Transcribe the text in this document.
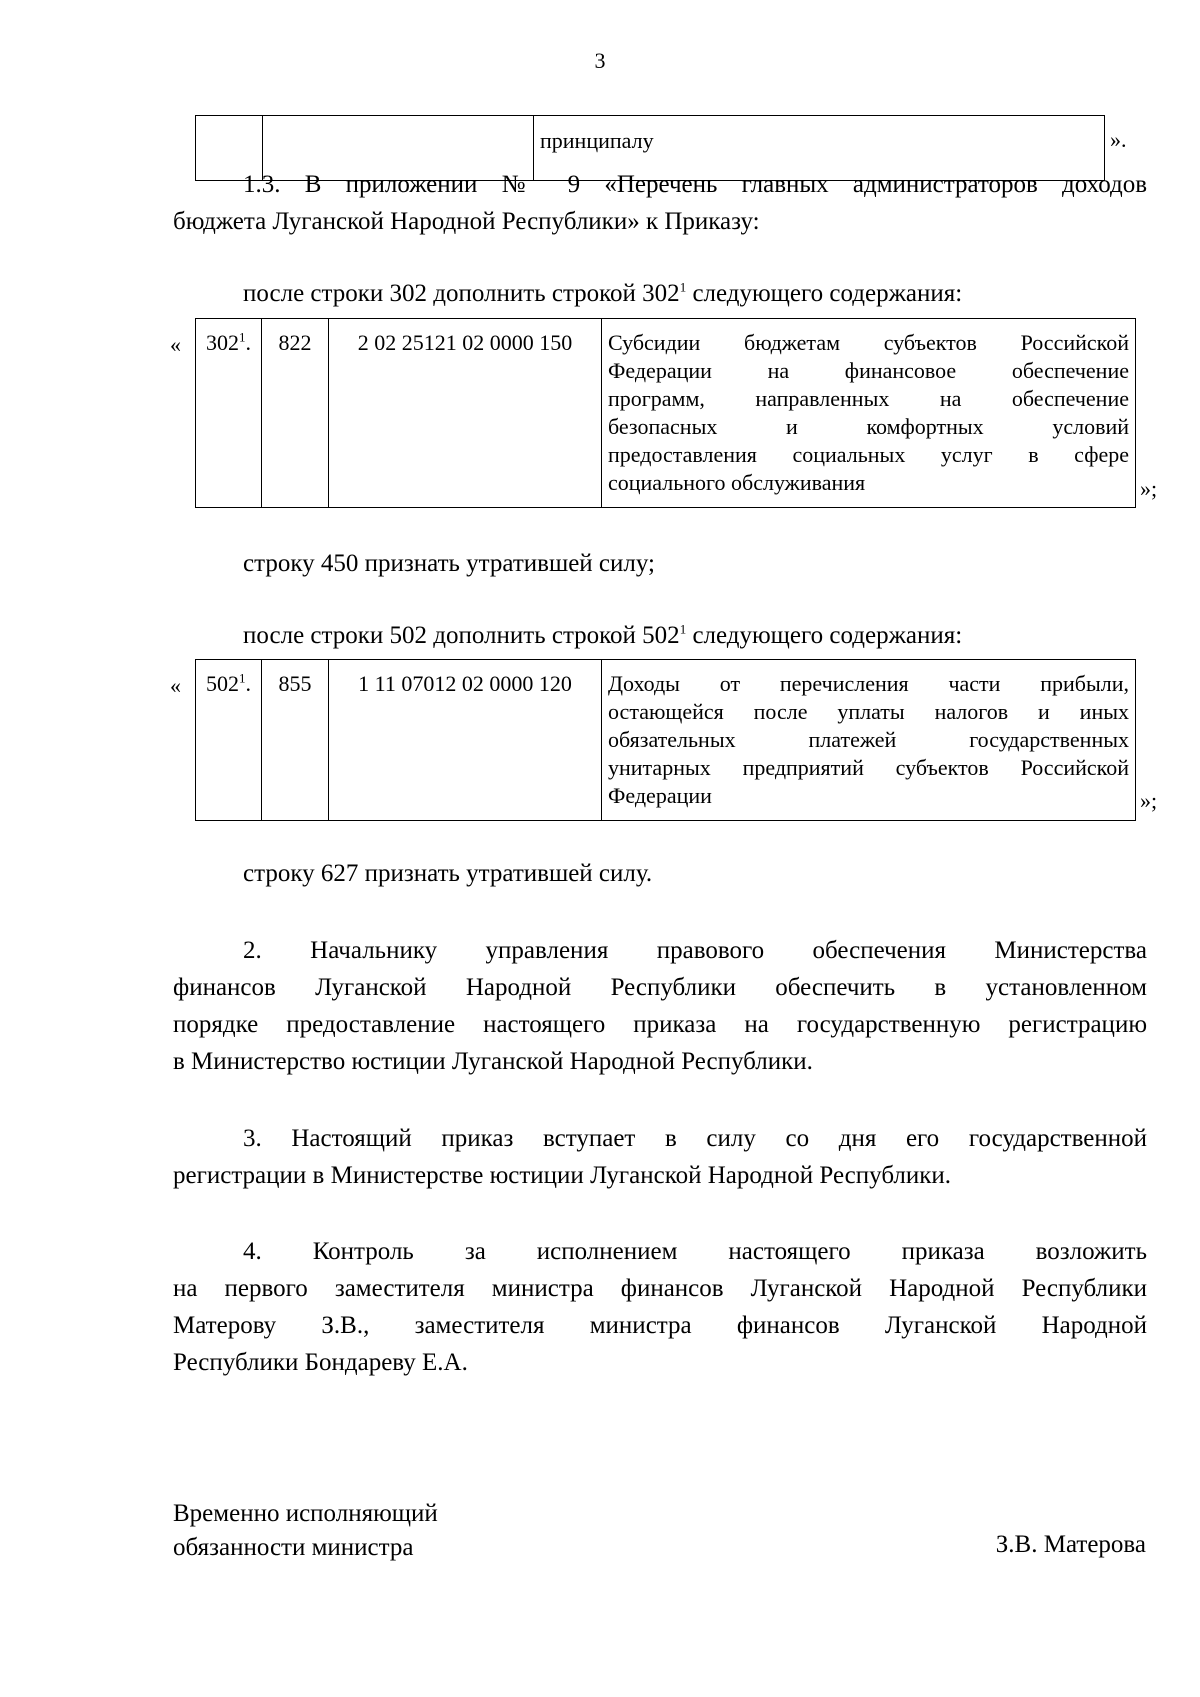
3
		принципалу	».
1.3. В приложении № 9 «Перечень главных администраторов доходов
бюджета Луганской Народной Республики» к Приказу:
после строки 302 дополнить строкой $302^1$ следующего содержания:
« $302^1$.	822	2 02 25121 02 0000 150	Субсидии бюджетам субъектов Российской
Федерации на финансовое обеспечение
программ, направленных на обеспечение
безопасных и комфортных условий
предоставления социальных услуг в сфере
социального обслуживания	»;
строку 450 признать утратившей силу;
после строки 502 дополнить строкой $502^1$ следующего содержания:
« $502^1$.	855	1 11 07012 02 0000 120	Доходы от перечисления части прибыли,
остающейся после уплаты налогов и иных
обязательных платежей государственных
унитарных предприятий субъектов Российской
Федерации	»;
строку 627 признать утратившей силу.
2. Начальнику управления правового обеспечения Министерства
финансов Луганской Народной Республики обеспечить в установленном
порядке предоставление настоящего приказа на государственную регистрацию
в Министерство юстиции Луганской Народной Республики.
3. Настоящий приказ вступает в силу со дня его государственной
регистрации в Министерстве юстиции Луганской Народной Республики.
4. Контроль за исполнением настоящего приказа возложить
на первого заместителя министра финансов Луганской Народной Республики
Матерову З.В., заместителя министра финансов Луганской Народной
Республики Бондареву Е.А.
Временно исполняющий
обязанности министра	З.В. Матерова
